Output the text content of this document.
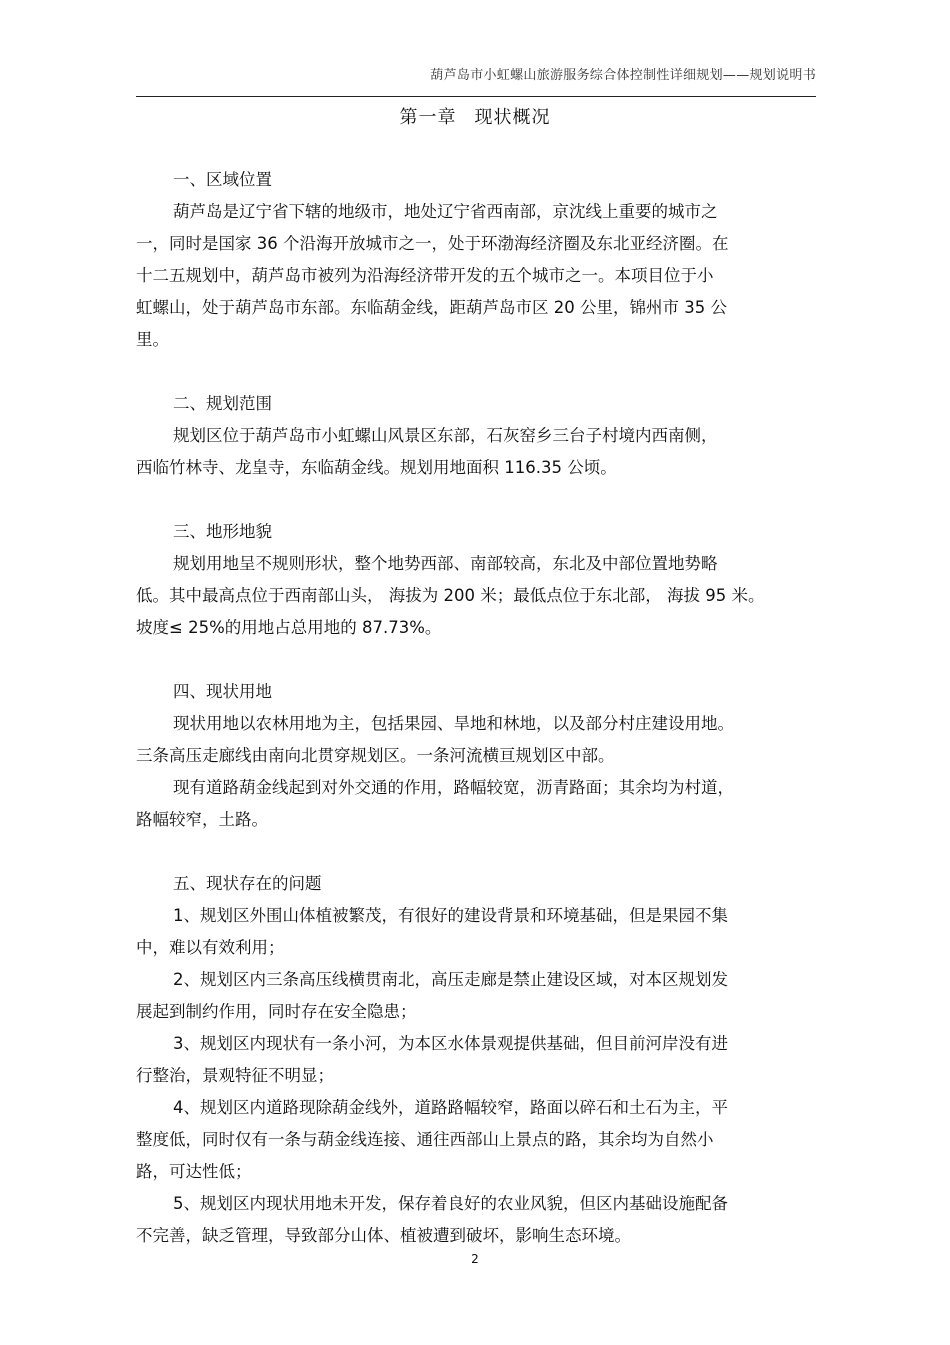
葫芦岛市小虹螺山旅游服务综合体控制性详细规划——规划说明书
第一章 现状概况
一、区域位置
葫芦岛是辽宁省下辖的地级市，地处辽宁省西南部，京沈线上重要的城市之
一，同时是国家 36 个沿海开放城市之一，处于环渤海经济圈及东北亚经济圈。在
十二五规划中，葫芦岛市被列为沿海经济带开发的五个城市之一。本项目位于小
虹螺山，处于葫芦岛市东部。东临葫金线，距葫芦岛市区 20 公里，锦州市 35 公
里。
二、规划范围
规划区位于葫芦岛市小虹螺山风景区东部，石灰窑乡三台子村境内西南侧，
西临竹林寺、龙皇寺，东临葫金线。规划用地面积 116.35 公顷。
三、地形地貌
规划用地呈不规则形状，整个地势西部、南部较高，东北及中部位置地势略
低。其中最高点位于西南部山头， 海拔为 200 米；最低点位于东北部， 海拔 95 米。
坡度≤ 25%的用地占总用地的 87.73%。
四、现状用地
现状用地以农林用地为主，包括果园、旱地和林地，以及部分村庄建设用地。
三条高压走廊线由南向北贯穿规划区。一条河流横亘规划区中部。
现有道路葫金线起到对外交通的作用，路幅较宽，沥青路面；其余均为村道，
路幅较窄，土路。
五、现状存在的问题
1、规划区外围山体植被繁茂，有很好的建设背景和环境基础，但是果园不集
中，难以有效利用；
2、规划区内三条高压线横贯南北，高压走廊是禁止建设区域，对本区规划发
展起到制约作用，同时存在安全隐患；
3、规划区内现状有一条小河，为本区水体景观提供基础，但目前河岸没有进
行整治，景观特征不明显；
4、规划区内道路现除葫金线外，道路路幅较窄，路面以碎石和土石为主，平
整度低，同时仅有一条与葫金线连接、通往西部山上景点的路，其余均为自然小
路，可达性低；
5、规划区内现状用地未开发，保存着良好的农业风貌，但区内基础设施配备
不完善，缺乏管理，导致部分山体、植被遭到破坏，影响生态环境。
2
